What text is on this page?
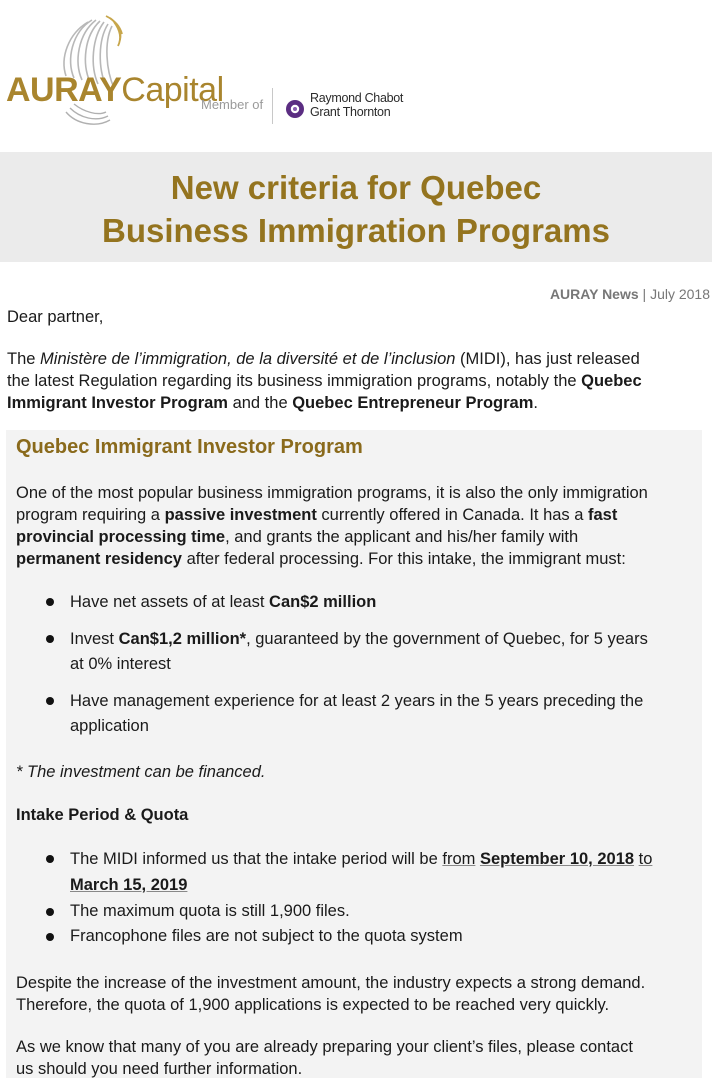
AURAYCapital
Member of	Raymond Chabot
Grant Thornton
New criteria for Quebec
Business Immigration Programs
AURAY News | July 2018
Dear partner,

The Ministère de l’immigration, de la diversité et de l’inclusion (MIDI), has just released

the latest Regulation regarding its business immigration programs, notably the Quebec

Immigrant Investor Program and the Quebec Entrepreneur Program.

Quebec Immigrant Investor Program
One of the most popular business immigration programs, it is also the only immigration
program requiring a passive investment currently offered in Canada. It has a fast
provincial processing time, and grants the applicant and his/her family with
permanent residency after federal processing. For this intake, the immigrant must:
Have net assets of at least Can$2 million
Invest Can$1,2 million*, guaranteed by the government of Quebec, for 5 years
at 0% interest
Have management experience for at least 2 years in the 5 years preceding the
application
* The investment can be financed.
Intake Period & Quota
The MIDI informed us that the intake period will be from September 10, 2018 to
March 15, 2019
The maximum quota is still 1,900 files.
Francophone files are not subject to the quota system
Despite the increase of the investment amount, the industry expects a strong demand.
Therefore, the quota of 1,900 applications is expected to be reached very quickly.
As we know that many of you are already preparing your client’s files, please contact
us should you need further information.
